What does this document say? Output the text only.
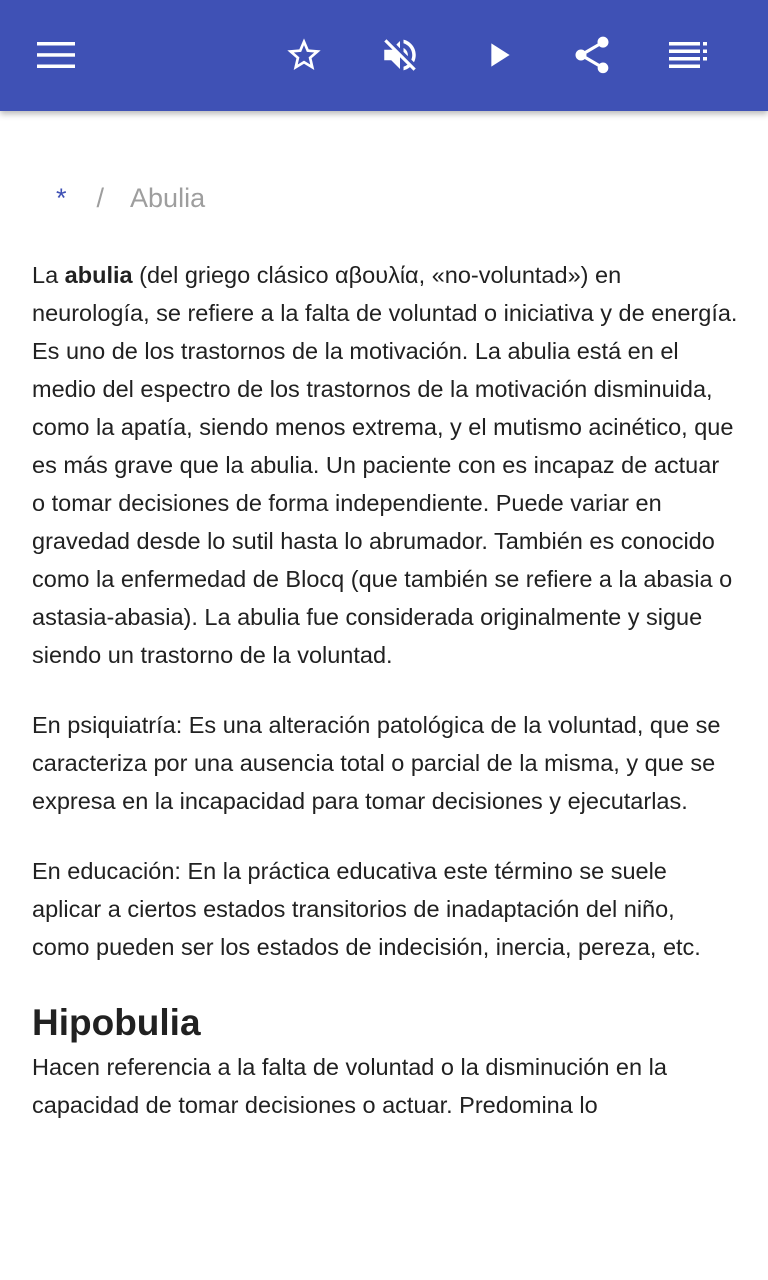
* / Abulia

La abulia (del griego clásico αβουλία, «no-voluntad») en neurología, se refiere a la falta de voluntad o iniciativa y de energía. Es uno de los trastornos de la motivación. La abulia está en el medio del espectro de los trastornos de la motivación disminuida, como la apatía, siendo menos extrema, y el mutismo acinético, que es más grave que la abulia. Un paciente con es incapaz de actuar o tomar decisiones de forma independiente. Puede variar en gravedad desde lo sutil hasta lo abrumador. También es conocido como la enfermedad de Blocq (que también se refiere a la abasia o astasia-abasia). La abulia fue considerada originalmente y sigue siendo un trastorno de la voluntad.

En psiquiatría: Es una alteración patológica de la voluntad, que se caracteriza por una ausencia total o parcial de la misma, y que se expresa en la incapacidad para tomar decisiones y ejecutarlas.

En educación: En la práctica educativa este término se suele aplicar a ciertos estados transitorios de inadaptación del niño, como pueden ser los estados de indecisión, inercia, pereza, etc.

Hipobulia

Hacen referencia a la falta de voluntad o la disminución en la capacidad de tomar decisiones o actuar. Predomina lo
